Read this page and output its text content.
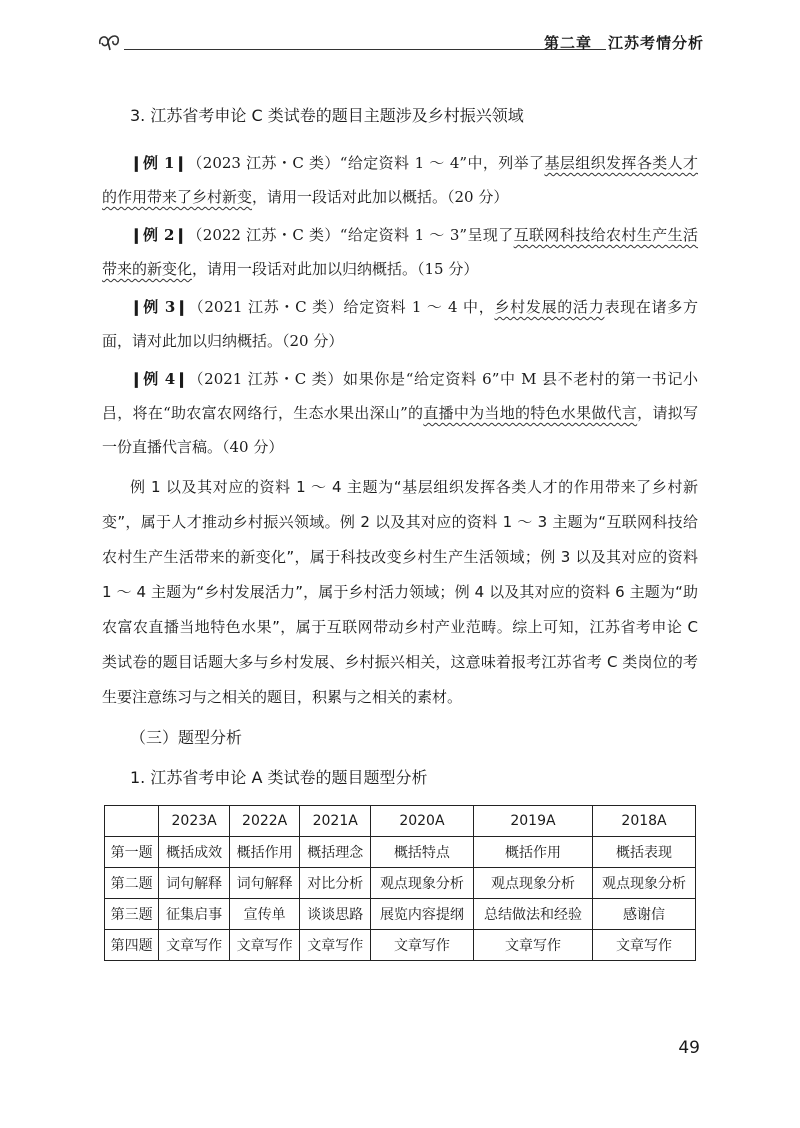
第二章　江苏考情分析
3. 江苏省考申论 C 类试卷的题目主题涉及乡村振兴领域

❙例 1❙（2023 江苏・C 类）“给定资料 1 ～ 4”中，列举了基层组织发挥各类人才的作用带来了乡村新变，请用一段话对此加以概括。（20 分）

❙例 2❙（2022 江苏・C 类）“给定资料 1 ～ 3”呈现了互联网科技给农村生产生活带来的新变化，请用一段话对此加以归纳概括。（15 分）

❙例 3❙（2021 江苏・C 类）给定资料 1 ～ 4 中，乡村发展的活力表现在诸多方面，请对此加以归纳概括。（20 分）

❙例 4❙（2021 江苏・C 类）如果你是“给定资料 6”中 M 县不老村的第一书记小吕，将在“助农富农网络行，生态水果出深山”的直播中为当地的特色水果做代言，请拟写一份直播代言稿。（40 分）

例 1 以及其对应的资料 1 ～ 4 主题为“基层组织发挥各类人才的作用带来了乡村新变”，属于人才推动乡村振兴领域。例 2 以及其对应的资料 1 ～ 3 主题为“互联网科技给农村生产生活带来的新变化”，属于科技改变乡村生产生活领域；例 3 以及其对应的资料 1 ～ 4 主题为“乡村发展活力”，属于乡村活力领域；例 4 以及其对应的资料 6 主题为“助农富农直播当地特色水果”，属于互联网带动乡村产业范畴。综上可知，江苏省考申论 C 类试卷的题目话题大多与乡村发展、乡村振兴相关，这意味着报考江苏省考 C 类岗位的考生要注意练习与之相关的题目，积累与之相关的素材。

（三）题型分析
1. 江苏省考申论 A 类试卷的题目题型分析
	2023A	2022A	2021A	2020A	2019A	2018A
第一题	概括成效	概括作用	概括理念	概括特点	概括作用	概括表现
第二题	词句解释	词句解释	对比分析	观点现象分析	观点现象分析	观点现象分析
第三题	征集启事	宣传单	谈谈思路	展览内容提纲	总结做法和经验	感谢信
第四题	文章写作	文章写作	文章写作	文章写作	文章写作	文章写作
49
